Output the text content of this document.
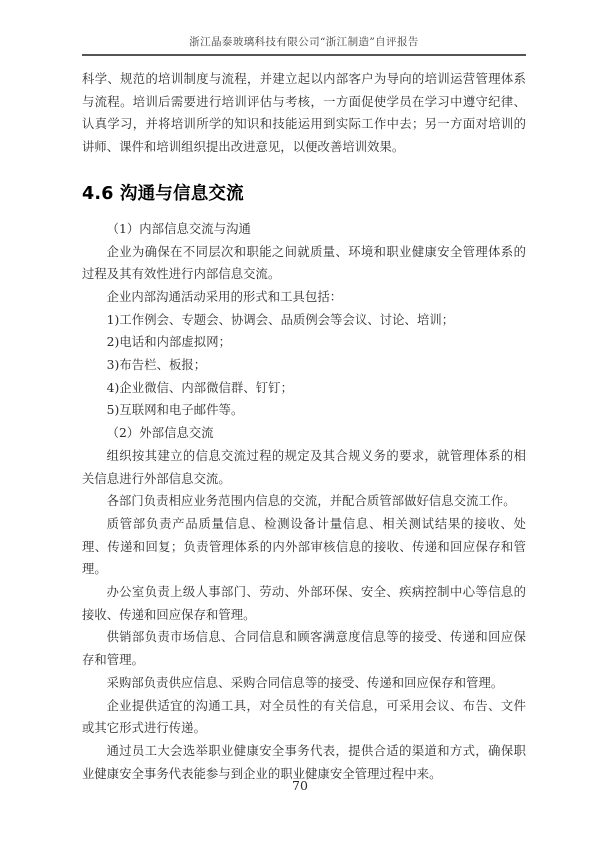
浙江晶泰玻璃科技有限公司“浙江制造”自评报告

科学、规范的培训制度与流程，并建立起以内部客户为导向的培训运营管理体系与流程。培训后需要进行培训评估与考核，一方面促使学员在学习中遵守纪律、认真学习，并将培训所学的知识和技能运用到实际工作中去；另一方面对培训的讲师、课件和培训组织提出改进意见，以便改善培训效果。

4.6 沟通与信息交流

（1）内部信息交流与沟通

企业为确保在不同层次和职能之间就质量、环境和职业健康安全管理体系的过程及其有效性进行内部信息交流。

企业内部沟通活动采用的形式和工具包括：

1)工作例会、专题会、协调会、品质例会等会议、讨论、培训；

2)电话和内部虚拟网；

3)布告栏、板报；

4)企业微信、内部微信群、钉钉；

5)互联网和电子邮件等。

（2）外部信息交流

组织按其建立的信息交流过程的规定及其合规义务的要求，就管理体系的相关信息进行外部信息交流。

各部门负责相应业务范围内信息的交流，并配合质管部做好信息交流工作。

质管部负责产品质量信息、检测设备计量信息、相关测试结果的接收、处理、传递和回复；负责管理体系的内外部审核信息的接收、传递和回应保存和管理。

办公室负责上级人事部门、劳动、外部环保、安全、疾病控制中心等信息的接收、传递和回应保存和管理。

供销部负责市场信息、合同信息和顾客满意度信息等的接受、传递和回应保存和管理。

采购部负责供应信息、采购合同信息等的接受、传递和回应保存和管理。

企业提供适宜的沟通工具，对全员性的有关信息，可采用会议、布告、文件或其它形式进行传递。

通过员工大会选举职业健康安全事务代表，提供合适的渠道和方式，确保职业健康安全事务代表能参与到企业的职业健康安全管理过程中来。

70
